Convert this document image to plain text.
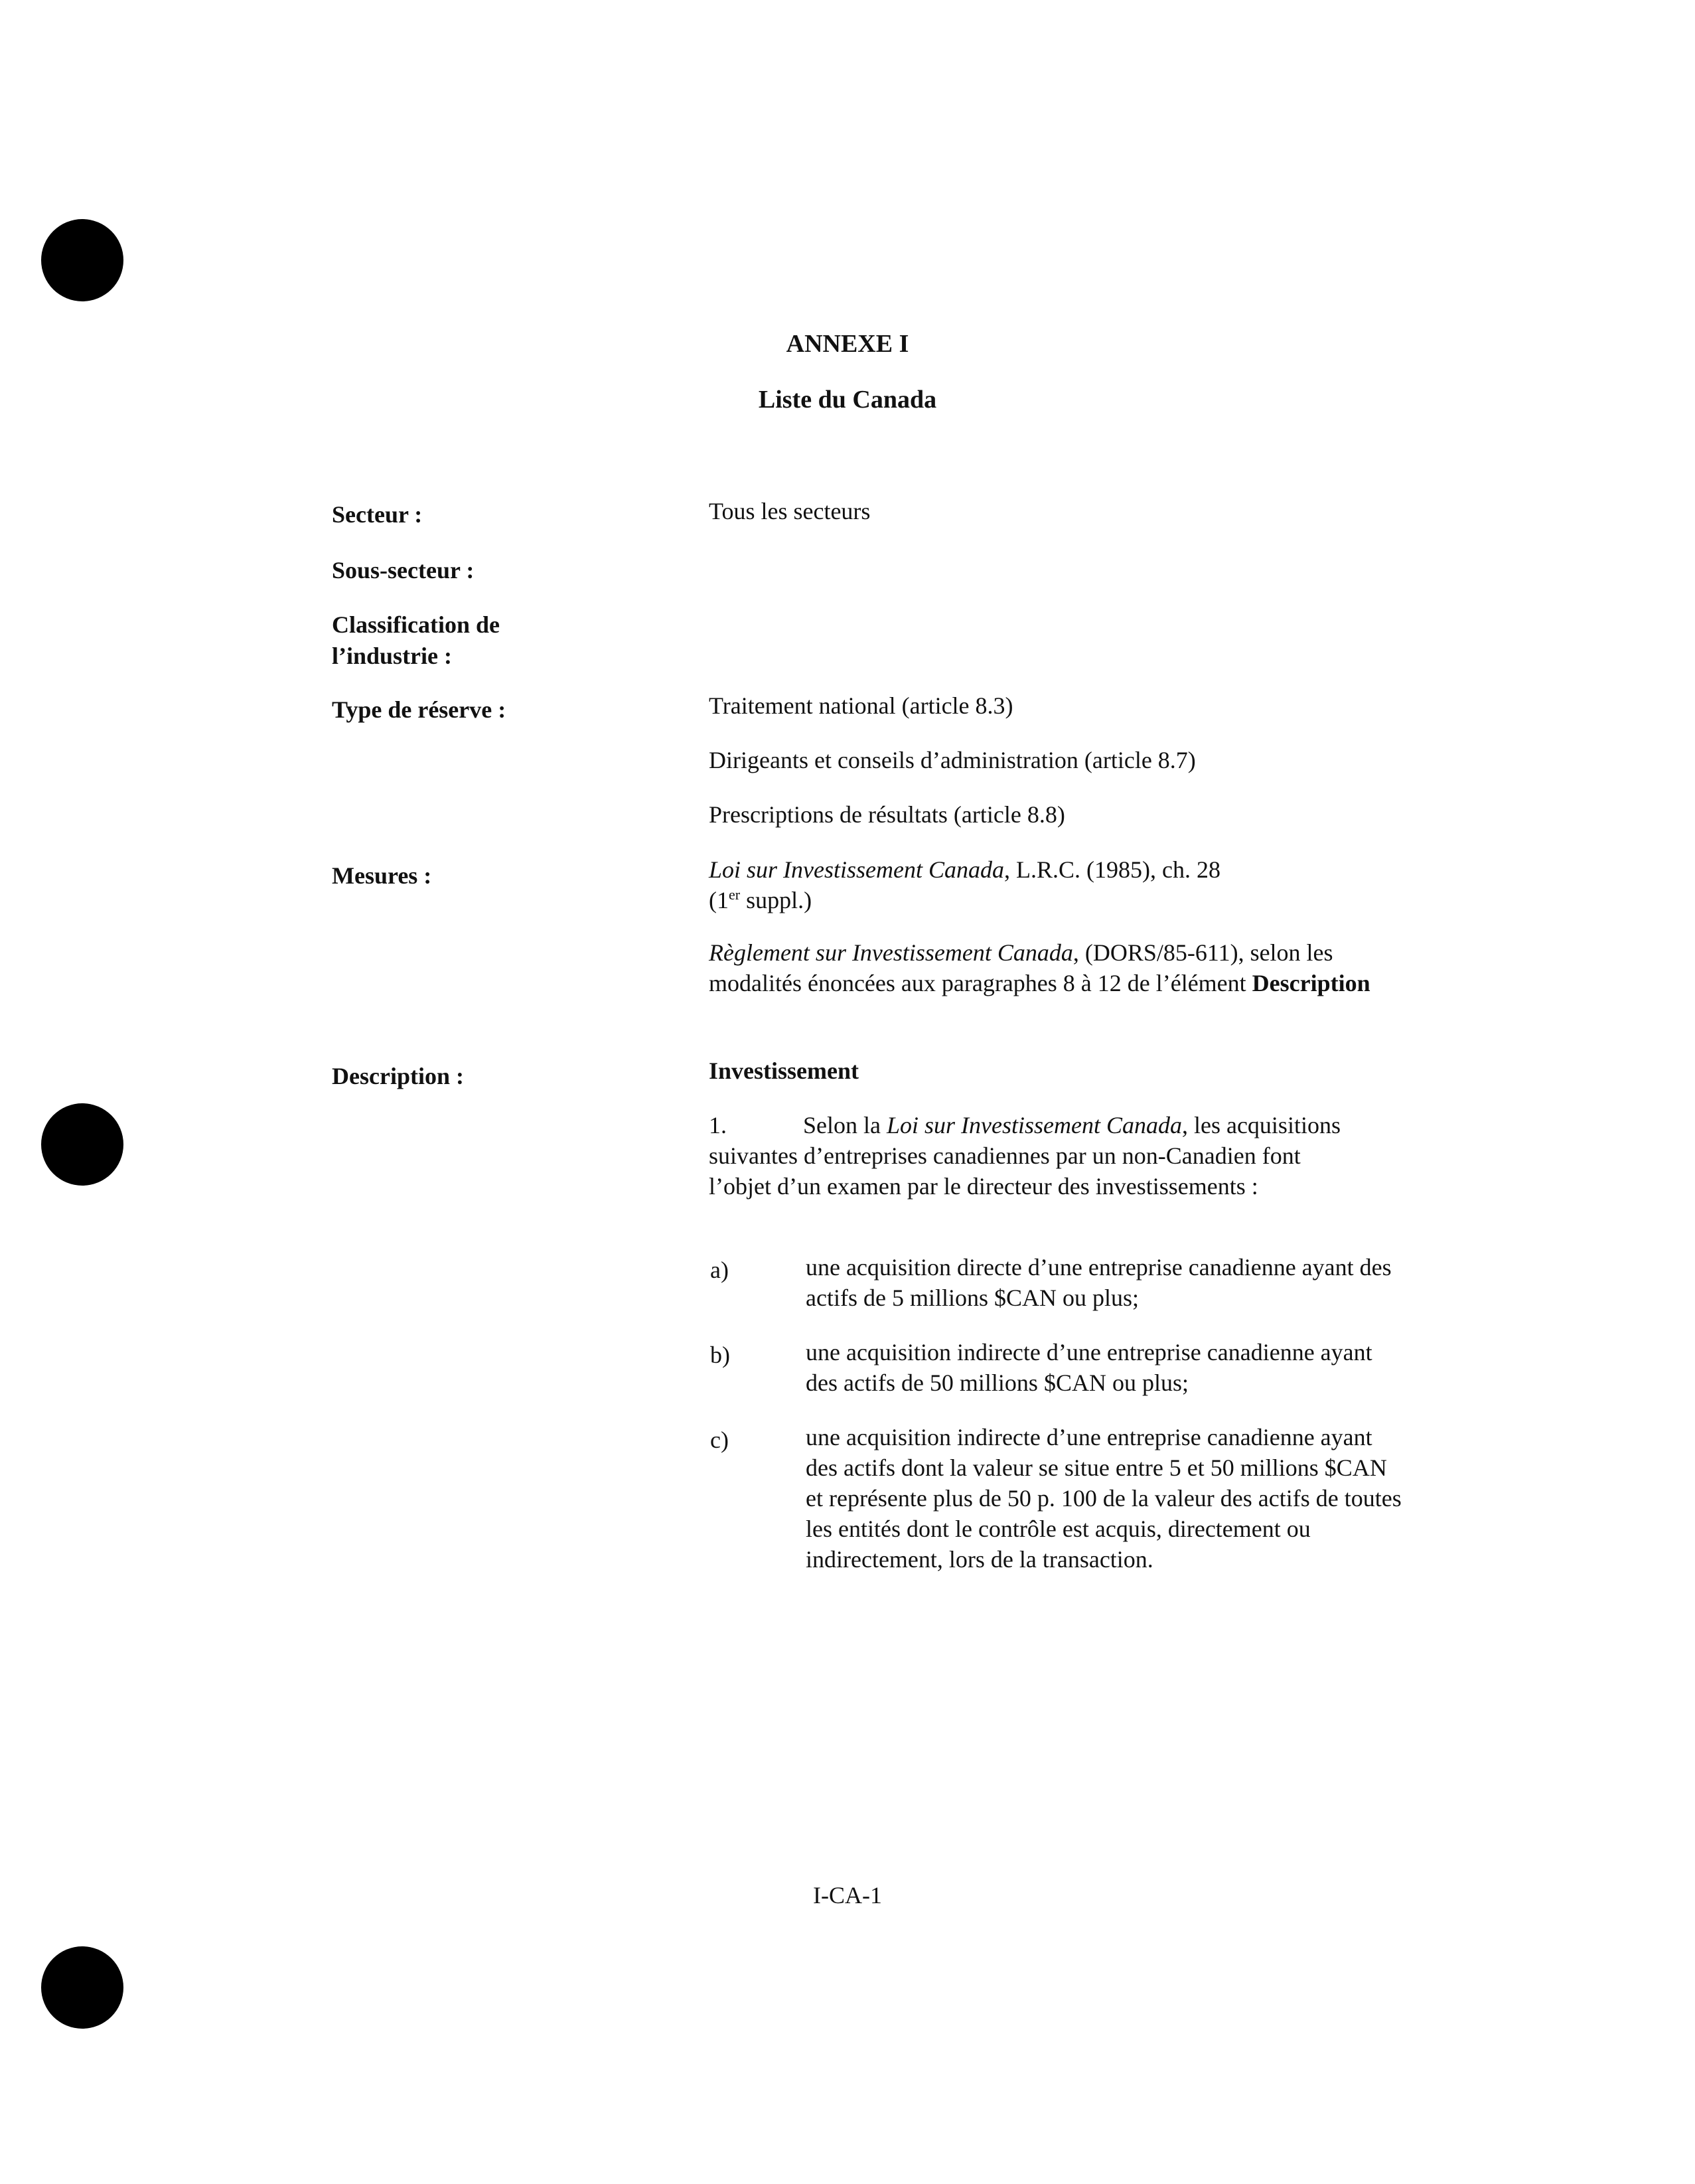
ANNEXE I
Liste du Canada
Secteur :	Tous les secteurs
Sous-secteur :
Classification de
l’industrie :
Type de réserve :	Traitement national (article 8.3)
Dirigeants et conseils d’administration (article 8.7)
Prescriptions de résultats (article 8.8)
Mesures :	Loi sur Investissement Canada, L.R.C. (1985), ch. 28
(1er suppl.)
Règlement sur Investissement Canada, (DORS/85-611), selon les modalités énoncées aux paragraphes 8 à 12 de l’élément Description
Description :	Investissement
1.	Selon la Loi sur Investissement Canada, les acquisitions suivantes d’entreprises canadiennes par un non-Canadien font l’objet d’un examen par le directeur des investissements :
a)	une acquisition directe d’une entreprise canadienne ayant des actifs de 5 millions $CAN ou plus;
b)	une acquisition indirecte d’une entreprise canadienne ayant des actifs de 50 millions $CAN ou plus;
c)	une acquisition indirecte d’une entreprise canadienne ayant des actifs dont la valeur se situe entre 5 et 50 millions $CAN et représente plus de 50 p. 100 de la valeur des actifs de toutes les entités dont le contrôle est acquis, directement ou indirectement, lors de la transaction.
I-CA-1
